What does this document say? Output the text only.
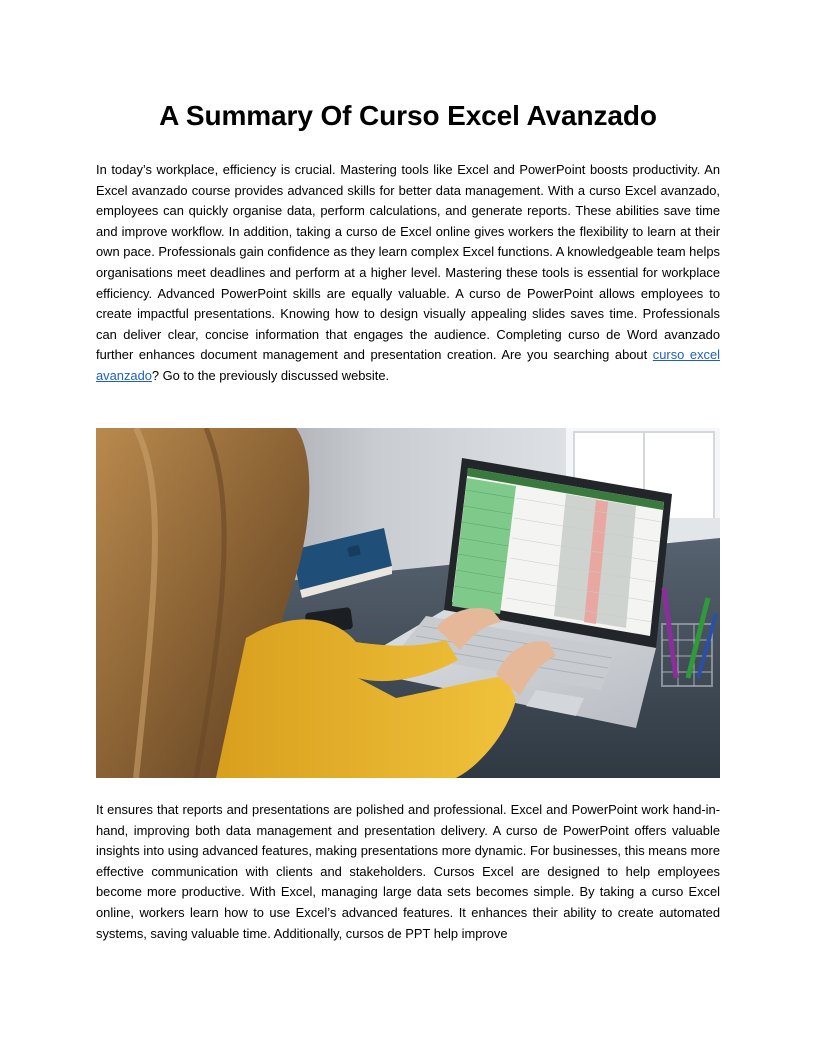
A Summary Of Curso Excel Avanzado

In today’s workplace, efficiency is crucial. Mastering tools like Excel and PowerPoint boosts productivity. An Excel avanzado course provides advanced skills for better data management. With a curso Excel avanzado, employees can quickly organise data, perform calculations, and generate reports. These abilities save time and improve workflow. In addition, taking a curso de Excel online gives workers the flexibility to learn at their own pace. Professionals gain confidence as they learn complex Excel functions. A knowledgeable team helps organisations meet deadlines and perform at a higher level. Mastering these tools is essential for workplace efficiency. Advanced PowerPoint skills are equally valuable. A curso de PowerPoint allows employees to create impactful presentations. Knowing how to design visually appealing slides saves time. Professionals can deliver clear, concise information that engages the audience. Completing curso de Word avanzado further enhances document management and presentation creation. Are you searching about curso excel avanzado? Go to the previously discussed website.

It ensures that reports and presentations are polished and professional. Excel and PowerPoint work hand-in-hand, improving both data management and presentation delivery. A curso de PowerPoint offers valuable insights into using advanced features, making presentations more dynamic. For businesses, this means more effective communication with clients and stakeholders. Cursos Excel are designed to help employees become more productive. With Excel, managing large data sets becomes simple. By taking a curso Excel online, workers learn how to use Excel’s advanced features. It enhances their ability to create automated systems, saving valuable time. Additionally, cursos de PPT help improve
